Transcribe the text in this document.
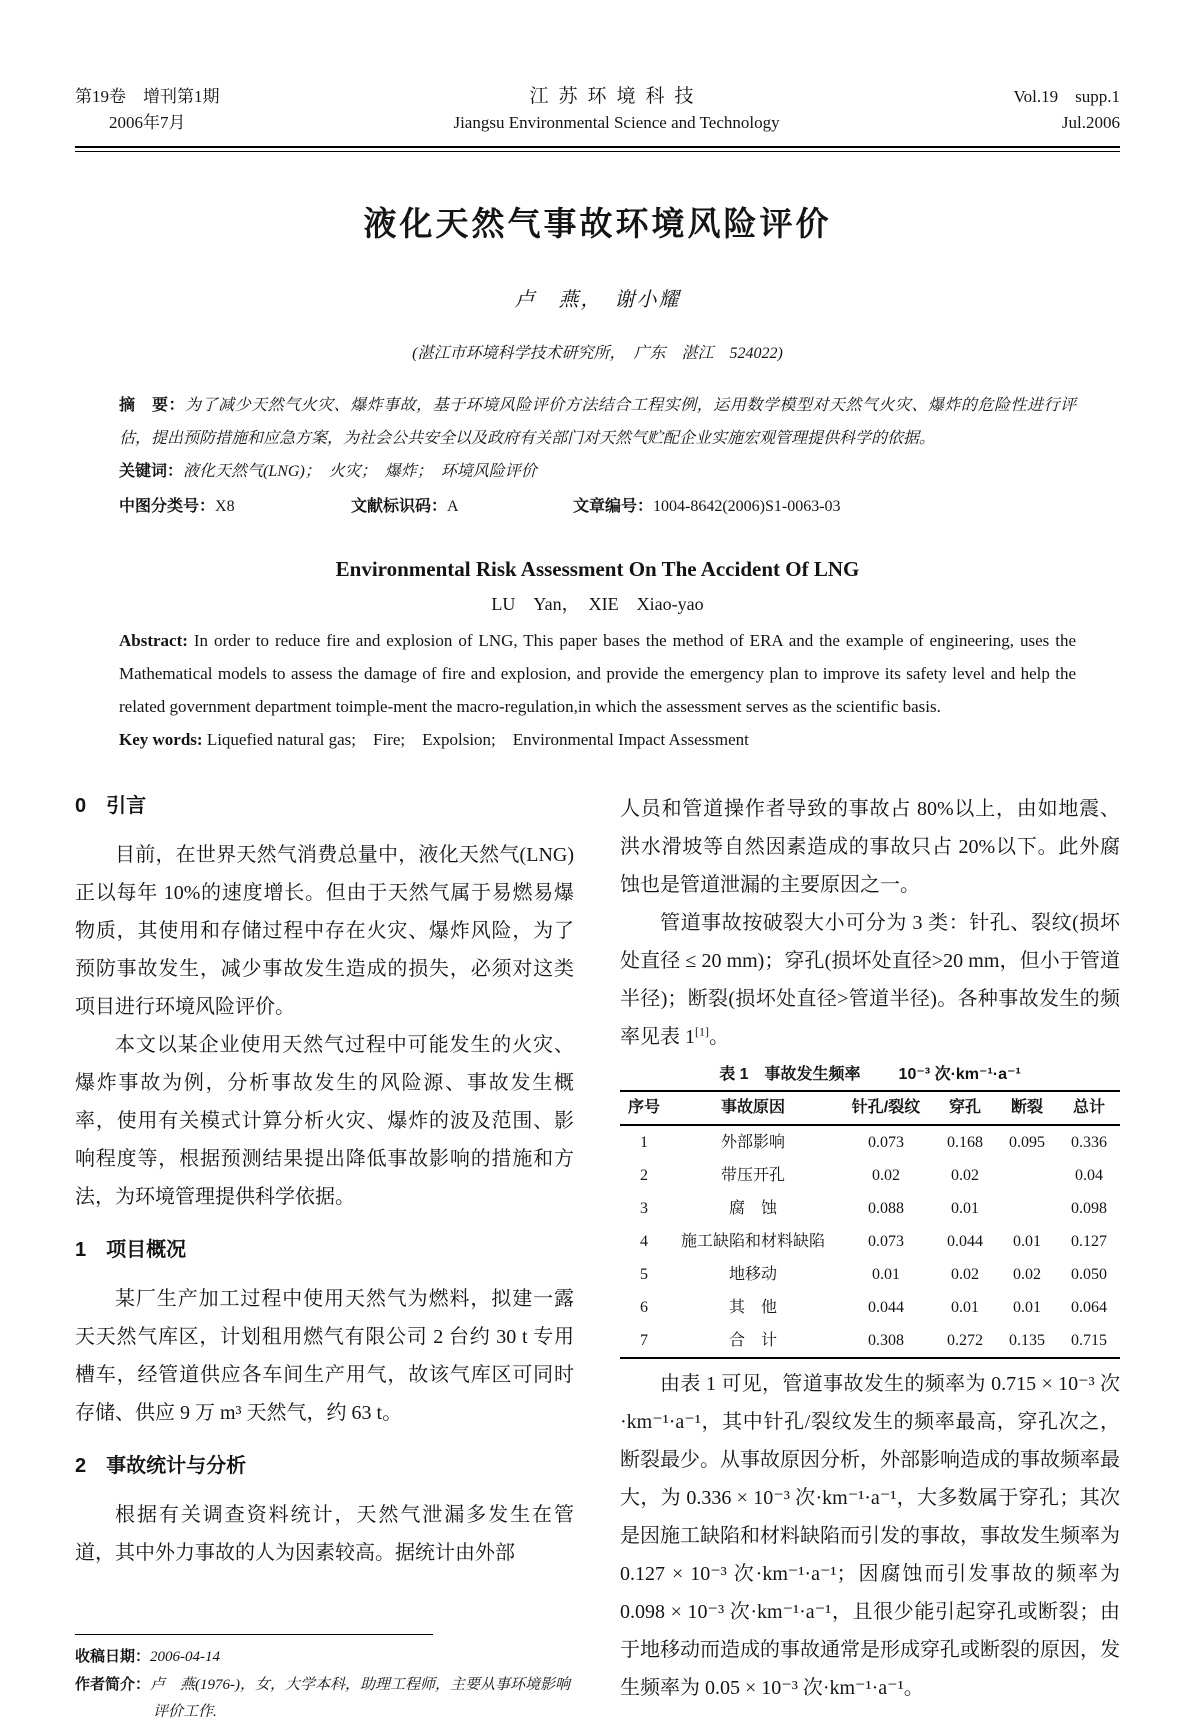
第19卷　增刊第1期
2006年7月
江苏环境科技
Jiangsu Environmental Science and Technology
Vol.19　supp.1
Jul.2006
液化天然气事故环境风险评价
卢　燕，　谢小耀
(湛江市环境科学技术研究所，　广东　湛江　524022)

摘　要：为了减少天然气火灾、爆炸事故，基于环境风险评价方法结合工程实例，运用数学模型对天然气火灾、爆炸的危险性进行评估，提出预防措施和应急方案，为社会公共安全以及政府有关部门对天然气贮配企业实施宏观管理提供科学的依据。

关键词：液化天然气(LNG)；　火灾；　爆炸；　环境风险评价

中图分类号：X8	文献标识码：A	文章编号：1004-8642(2006)S1-0063-03
Environmental Risk Assessment On The Accident Of LNG
LU　Yan，　XIE　Xiao-yao

Abstract: In order to reduce fire and explosion of LNG, This paper bases the method of ERA and the example of engineering, uses the Mathematical models to assess the damage of fire and explosion, and provide the emergency plan to improve its safety level and help the related government department toimple-ment the macro-regulation,in which the assessment serves as the scientific basis.

Key words: Liquefied natural gas;　Fire;　Expolsion;　Environmental Impact Assessment

0　引言

目前，在世界天然气消费总量中，液化天然气(LNG)正以每年 10%的速度增长。但由于天然气属于易燃易爆物质，其使用和存储过程中存在火灾、爆炸风险，为了预防事故发生，减少事故发生造成的损失，必须对这类项目进行环境风险评价。

本文以某企业使用天然气过程中可能发生的火灾、爆炸事故为例，分析事故发生的风险源、事故发生概率，使用有关模式计算分析火灾、爆炸的波及范围、影响程度等，根据预测结果提出降低事故影响的措施和方法，为环境管理提供科学依据。

1　项目概况

某厂生产加工过程中使用天然气为燃料，拟建一露天天然气库区，计划租用燃气有限公司 2 台约 30 t 专用槽车，经管道供应各车间生产用气，故该气库区可同时存储、供应 9 万 m³ 天然气，约 63 t。

2　事故统计与分析

根据有关调查资料统计，天然气泄漏多发生在管道，其中外力事故的人为因素较高。据统计由外部

收稿日期：2006-04-14
作者简介：卢　燕(1976-)，女，大学本科，助理工程师，主要从事环境影响评价工作.

人员和管道操作者导致的事故占 80%以上，由如地震、洪水滑坡等自然因素造成的事故只占 20%以下。此外腐蚀也是管道泄漏的主要原因之一。

管道事故按破裂大小可分为 3 类：针孔、裂纹(损坏处直径 ≤ 20 mm)；穿孔(损坏处直径>20 mm，但小于管道半径)；断裂(损坏处直径>管道半径)。各种事故发生的频率见表 1[1]。

表 1　事故发生频率 10⁻³ 次·km⁻¹·a⁻¹
序号	事故原因	针孔/裂纹	穿孔	断裂	总计
1	外部影响	0.073	0.168	0.095	0.336
2	带压开孔	0.02	0.02		0.04
3	腐　蚀	0.088	0.01		0.098
4	施工缺陷和材料缺陷	0.073	0.044	0.01	0.127
5	地移动	0.01	0.02	0.02	0.050
6	其　他	0.044	0.01	0.01	0.064
7	合　计	0.308	0.272	0.135	0.715

由表 1 可见，管道事故发生的频率为 0.715 × 10⁻³ 次·km⁻¹·a⁻¹，其中针孔/裂纹发生的频率最高，穿孔次之，断裂最少。从事故原因分析，外部影响造成的事故频率最大，为 0.336 × 10⁻³ 次·km⁻¹·a⁻¹，大多数属于穿孔；其次是因施工缺陷和材料缺陷而引发的事故，事故发生频率为 0.127 × 10⁻³ 次·km⁻¹·a⁻¹；因腐蚀而引发事故的频率为 0.098 × 10⁻³ 次·km⁻¹·a⁻¹，且很少能引起穿孔或断裂；由于地移动而造成的事故通常是形成穿孔或断裂的原因，发生频率为 0.05 × 10⁻³ 次·km⁻¹·a⁻¹。
